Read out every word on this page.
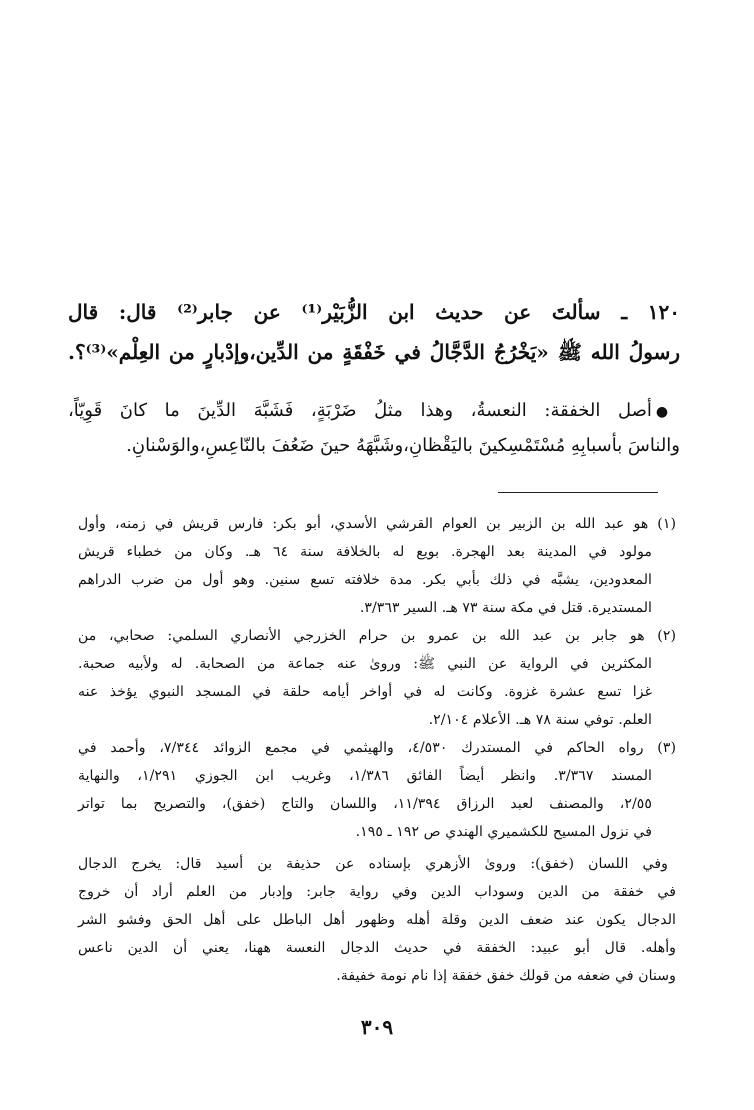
١٢٠ ـ سألتَ عن حديث ابن الزُّبَيْر⁽¹⁾ عن جابر⁽²⁾ قال: قال
رسولُ الله ﷺ «يَخْرُجُ الدَّجَّالُ في خَفْقَةٍ من الدِّين،وإدْبارٍ من العِلْم»⁽³⁾؟.
●أصل الخفقة: النعسةُ، وهذا مثلُ ضَرْبَةٍ، فَشَبَّهَ الدِّينَ ما كانَ قَوِيّاً،
والناسَ بأسبابِهِ مُسْتَمْسِكينَ باليَقْظانِ،وشَبَّهَهُ حينَ ضَعُفَ بالنّاعِسِ،والوَسْنانِ.
(١) هو عبد الله بن الزبير بن العوام القرشي الأسدي، أبو بكر: فارس قريش في زمنه، وأول
مولود في المدينة بعد الهجرة. بويع له بالخلافة سنة ٦٤ هـ. وكان من خطباء قريش
المعدودين، يشبَّه في ذلك بأبي بكر. مدة خلافته تسع سنين. وهو أول من ضرب الدراهم
المستديرة. قتل في مكة سنة ٧٣ هـ. السير ٣/٣٦٣.
(٢) هو جابر بن عبد الله بن عمرو بن حرام الخزرجي الأنصاري السلمي: صحابي، من
المكثرين في الرواية عن النبي ﷺ: وروىٰ عنه جماعة من الصحابة. له ولأبيه صحبة.
غزا تسع عشرة غزوة. وكانت له في أواخر أيامه حلقة في المسجد النبوي يؤخذ عنه
العلم. توفي سنة ٧٨ هـ. الأعلام ٢/١٠٤.
(٣) رواه الحاكم في المستدرك ٤/٥٣٠، والهيثمي في مجمع الزوائد ٧/٣٤٤، وأحمد في
المسند ٣/٣٦٧. وانظر أيضاً الفائق ١/٣٨٦، وغريب ابن الجوزي ١/٢٩١، والنهاية
٢/٥٥، والمصنف لعبد الرزاق ١١/٣٩٤، واللسان والتاج (خفق)، والتصريح بما تواتر
في نزول المسيح للكشميري الهندي ص ١٩٢ ـ ١٩٥.
وفي اللسان (خفق): وروىٰ الأزهري بإسناده عن حذيفة بن أسيد قال: يخرج الدجال
في خفقة من الدين وسوداب الدين وفي رواية جابر: وإدبار من العلم أراد أن خروج
الدجال يكون عند ضعف الدين وقلة أهله وظهور أهل الباطل على أهل الحق وفشو الشر
وأهله. قال أبو عبيد: الخفقة في حديث الدجال النعسة ههنا، يعني أن الدين ناعس
وسنان في ضعفه من قولك خفق خفقة إذا نام نومة خفيفة.
٣٠٩
